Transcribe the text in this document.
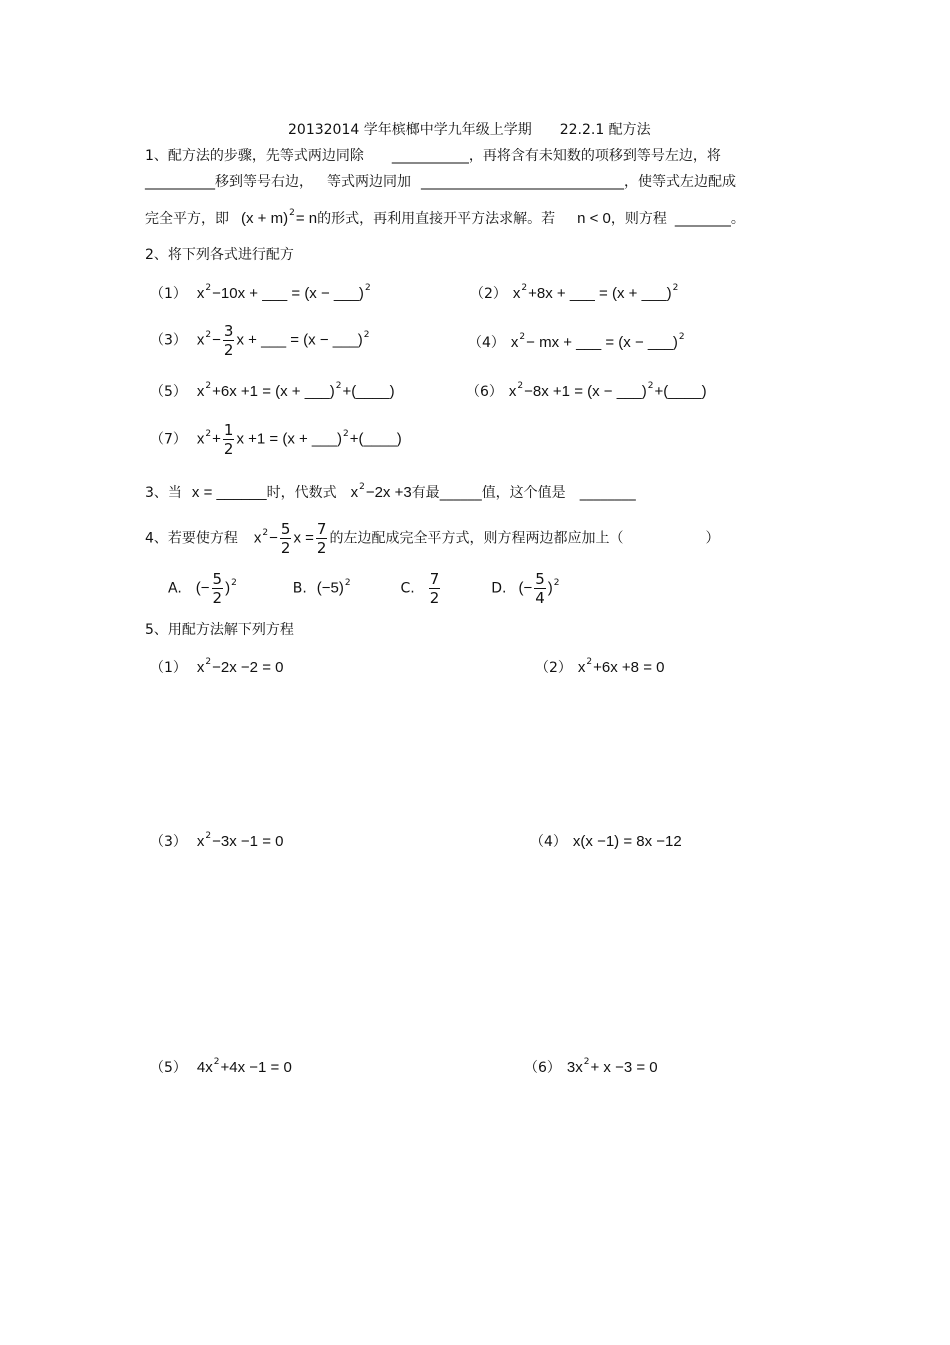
20132014 学年槟榔中学九年级上学期　　22.2.1 配方法
1、配方法的步骤，先等式两边同除 ___________，再将含有未知数的项移到等号左边，将
__________移到等号右边， 等式两边同加 _____________________________，使等式左边配成
完全平方，即 $(x + m)^2= n$的形式，再利用直接开平方法求解。若 n < 0，则方程 ________。
2、将下列各式进行配方
（1） $x^2-10x$ + ___ = (x − ___)$^2$	（2） $x^2+8x$ + ___ = (x + ___)$^2$
（3） $x^2- \frac{3}{2}$ x + ___ = (x − ___)$^2$
（4） $x^2-$ mx + ___ = (x − ___)$^2$
（5） $x^2+6x +1 = (x$ + ___)$^2$+(____)	（6） $x^2-8x +1 = (x$ − ___)$^2$+(____)
（7） $x^2+ \frac{1}{2}$ x +1 = (x + ___)$^2$+(____)
3、当 x = ______时，代数式 $x^2-2x +3$有最______值，这个值是 ________
4、若要使方程 $x^2- \frac{5}{2}$ $x = \frac{7}{2}$ 的左边配成完全平方式，则方程两边都应加上（	）
A. (− $\frac{5}{2} )^2$	B. $(-5)^2$	C. $\frac{7}{2}$	D. (− $\frac{5}{4} )^2$
5、用配方法解下列方程
（1） $x^2-2x -2 = 0$	（2） $x^2+6x +8 = 0$
（3） $x^2-3x -1 = 0$	（4） x(x −1) = 8x −12
（5） $4x^2+4x -1 = 0$	（6） $3x^2+ x -3 = 0$
